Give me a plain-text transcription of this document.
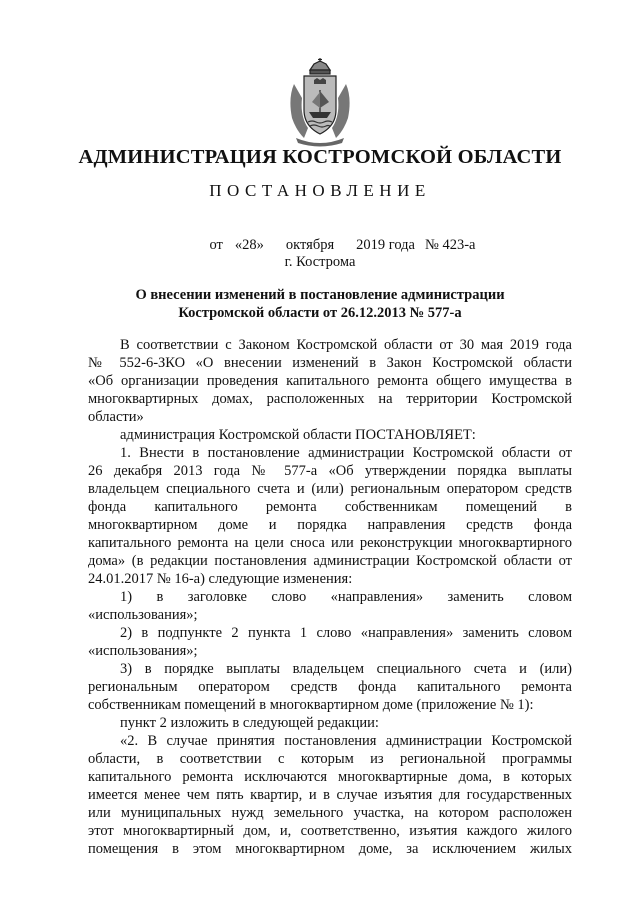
АДМИНИСТРАЦИЯ КОСТРОМСКОЙ ОБЛАСТИ
ПОСТАНОВЛЕНИЕ

от «28» октября 2019 года № 423-а

г. Кострома
О внесении изменений в постановление администрации
Костромской области от 26.12.2013 № 577-а
В соответствии с Законом Костромской области от 30 мая 2019 года
№ 552-6-ЗКО «О внесении изменений в Закон Костромской области
«Об организации проведения капитального ремонта общего имущества в
многоквартирных домах, расположенных на территории Костромской
области»
администрация Костромской области ПОСТАНОВЛЯЕТ:
1. Внести в постановление администрации Костромской области от
26 декабря 2013 года № 577-а «Об утверждении порядка выплаты
владельцем специального счета и (или) региональным оператором средств
фонда капитального ремонта собственникам помещений в
многоквартирном доме и порядка направления средств фонда
капитального ремонта на цели сноса или реконструкции многоквартирного
дома» (в редакции постановления администрации Костромской области от
24.01.2017 № 16-а) следующие изменения:
1) в заголовке слово «направления» заменить словом
«использования»;
2) в подпункте 2 пункта 1 слово «направления» заменить словом
«использования»;
3) в порядке выплаты владельцем специального счета и (или)
региональным оператором средств фонда капитального ремонта
собственникам помещений в многоквартирном доме (приложение № 1):
пункт 2 изложить в следующей редакции:
«2. В случае принятия постановления администрации Костромской
области, в соответствии с которым из региональной программы
капитального ремонта исключаются многоквартирные дома, в которых
имеется менее чем пять квартир, и в случае изъятия для государственных
или муниципальных нужд земельного участка, на котором расположен
этот многоквартирный дом, и, соответственно, изъятия каждого жилого
помещения в этом многоквартирном доме, за исключением жилых
